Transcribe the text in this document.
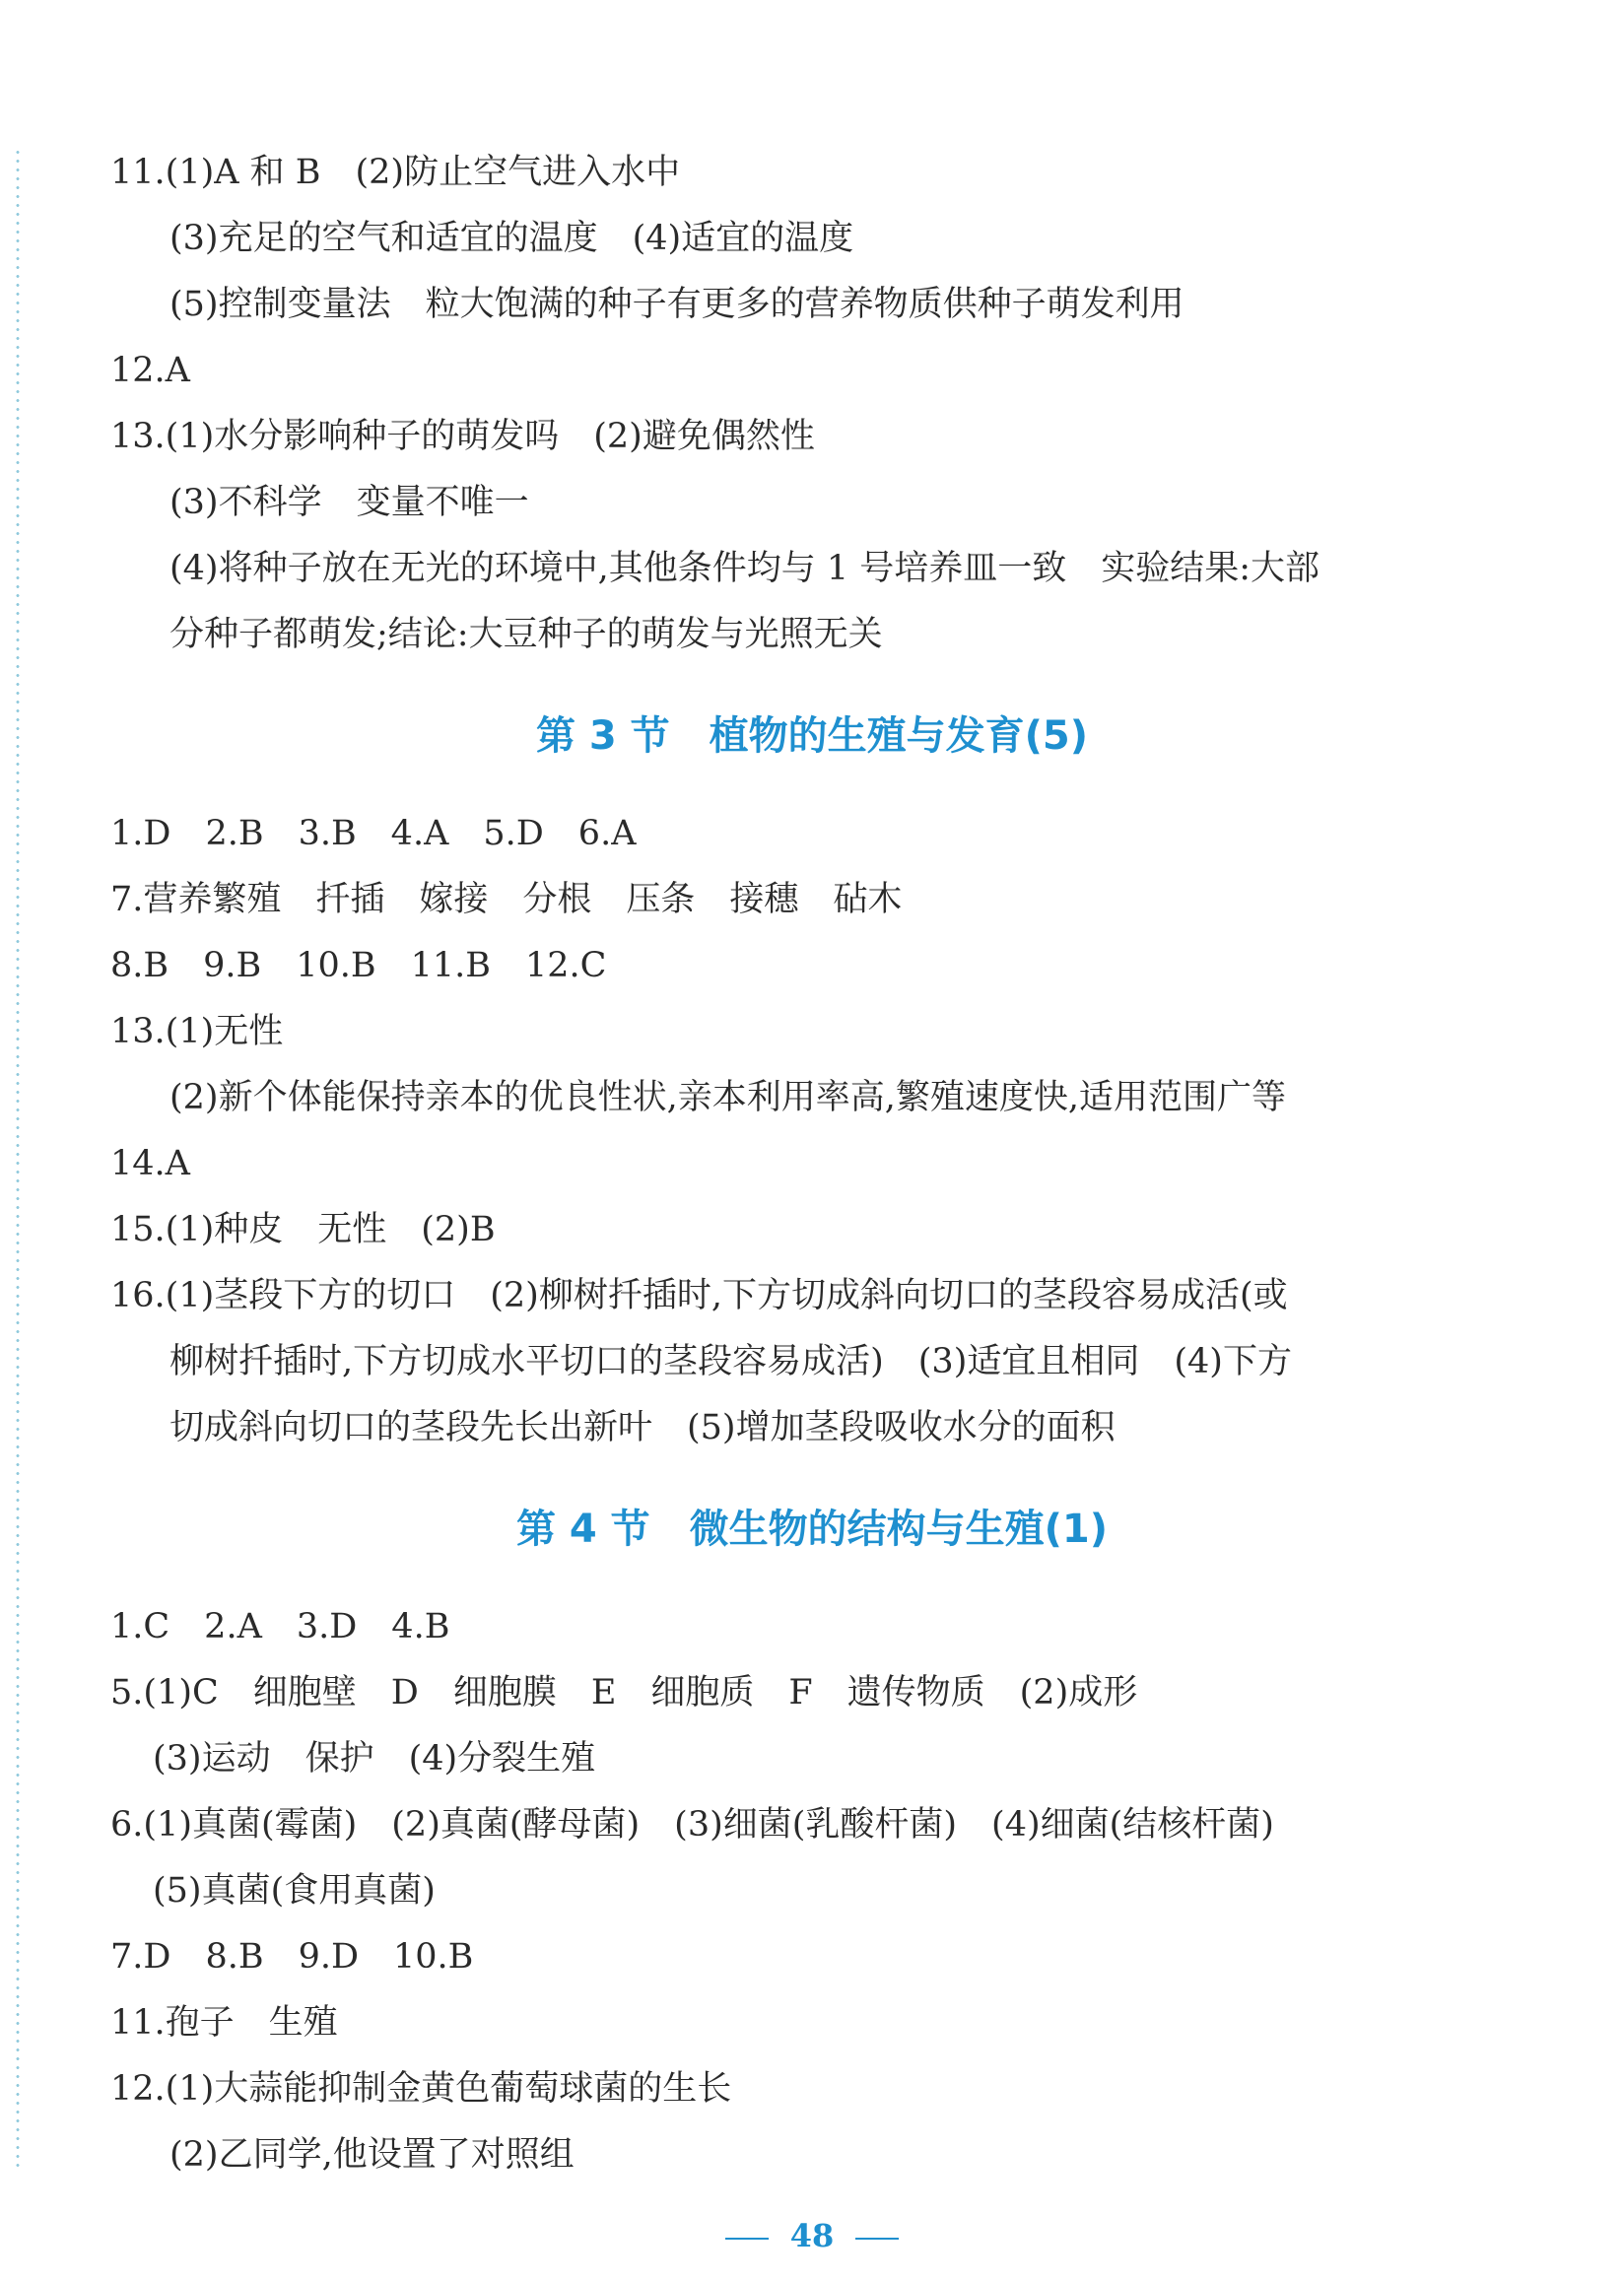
11.(1)A 和 B　(2)防止空气进入水中
(3)充足的空气和适宜的温度　(4)适宜的温度
(5)控制变量法　粒大饱满的种子有更多的营养物质供种子萌发利用
12.A
13.(1)水分影响种子的萌发吗　(2)避免偶然性
(3)不科学　变量不唯一
(4)将种子放在无光的环境中,其他条件均与 1 号培养皿一致　实验结果:大部
分种子都萌发;结论:大豆种子的萌发与光照无关
第 3 节　植物的生殖与发育(5)
1.D　2.B　3.B　4.A　5.D　6.A
7.营养繁殖　扦插　嫁接　分根　压条　接穗　砧木
8.B　9.B　10.B　11.B　12.C
13.(1)无性
(2)新个体能保持亲本的优良性状,亲本利用率高,繁殖速度快,适用范围广等
14.A
15.(1)种皮　无性　(2)B
16.(1)茎段下方的切口　(2)柳树扦插时,下方切成斜向切口的茎段容易成活(或
柳树扦插时,下方切成水平切口的茎段容易成活)　(3)适宜且相同　(4)下方
切成斜向切口的茎段先长出新叶　(5)增加茎段吸收水分的面积
第 4 节　微生物的结构与生殖(1)
1.C　2.A　3.D　4.B
5.(1)C　细胞壁　D　细胞膜　E　细胞质　F　遗传物质　(2)成形
(3)运动　保护　(4)分裂生殖
6.(1)真菌(霉菌)　(2)真菌(酵母菌)　(3)细菌(乳酸杆菌)　(4)细菌(结核杆菌)
(5)真菌(食用真菌)
7.D　8.B　9.D　10.B
11.孢子　生殖
12.(1)大蒜能抑制金黄色葡萄球菌的生长
(2)乙同学,他设置了对照组
48
